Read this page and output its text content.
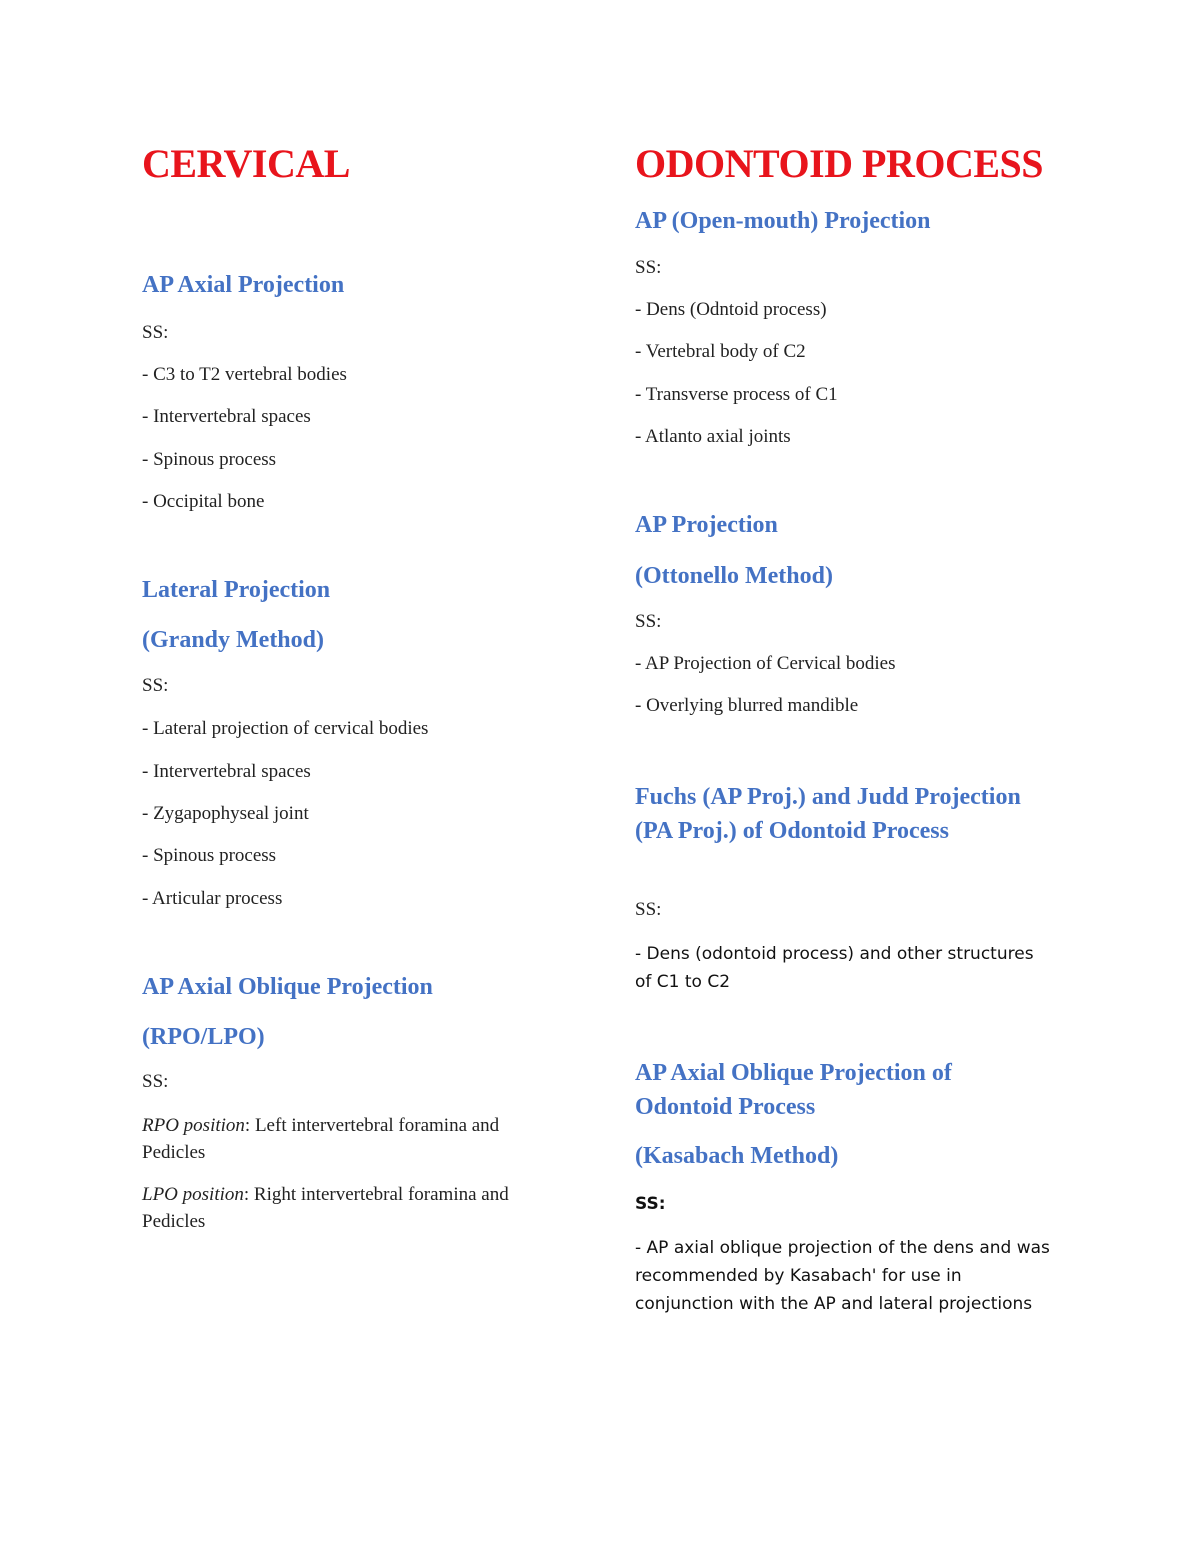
CERVICAL
AP Axial Projection
SS:
- C3 to T2 vertebral bodies
- Intervertebral spaces
- Spinous process
- Occipital bone
Lateral Projection
(Grandy Method)
SS:
- Lateral projection of cervical bodies
- Intervertebral spaces
- Zygapophyseal joint
- Spinous process
- Articular process
AP Axial Oblique Projection
(RPO/LPO)
SS:
RPO position: Left intervertebral foramina and Pedicles
LPO position: Right intervertebral foramina and Pedicles
ODONTOID PROCESS
AP (Open-mouth) Projection
SS:
- Dens (Odntoid process)
- Vertebral body of C2
- Transverse process of C1
- Atlanto axial joints
AP Projection
(Ottonello Method)
SS:
- AP Projection of Cervical bodies
- Overlying blurred mandible
Fuchs (AP Proj.) and Judd Projection (PA Proj.) of Odontoid Process
SS:
- Dens (odontoid process) and other structures of C1 to C2
AP Axial Oblique Projection of Odontoid Process
(Kasabach Method)
SS:
- AP axial oblique projection of the dens and was recommended by Kasabach' for use in conjunction with the AP and lateral projections
